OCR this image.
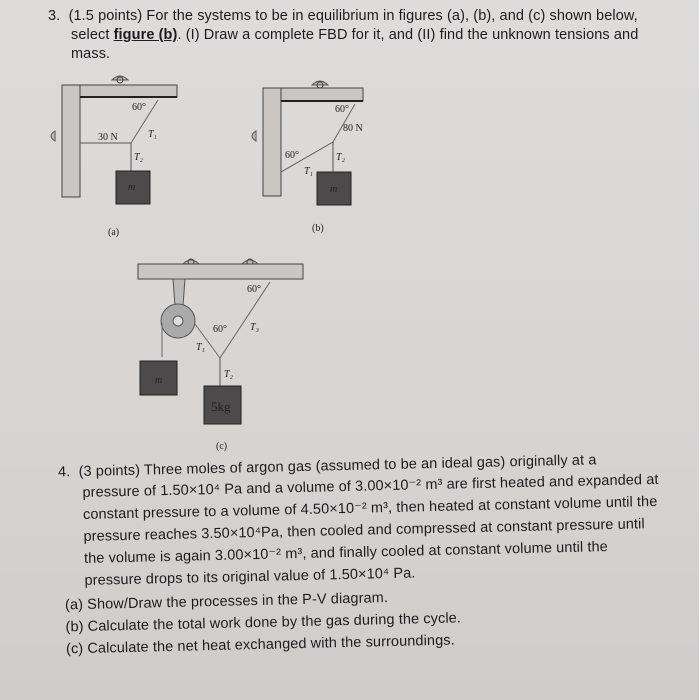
3. (1.5 points) For the systems to be in equilibrium in figures (a), (b), and (c) shown below,
select figure (b). (I) Draw a complete FBD for it, and (II) find the unknown tensions and
mass.
60°
30 N	T₁
T₂
m
(a)
60°
80 N
60°
T₁
T₂
m
(b)
60°
60° T₃
T₁
T₂
m
5kg
(c)
4. (3 points) Three moles of argon gas (assumed to be an ideal gas) originally at a
pressure of 1.50×10⁴ Pa and a volume of 3.00×10⁻² m³ are first heated and expanded at
constant pressure to a volume of 4.50×10⁻² m³, then heated at constant volume until the
pressure reaches 3.50×10⁴Pa, then cooled and compressed at constant pressure until
the volume is again 3.00×10⁻² m³, and finally cooled at constant volume until the
pressure drops to its original value of 1.50×10⁴ Pa.
(a) Show/Draw the processes in the P-V diagram.
(b) Calculate the total work done by the gas during the cycle.
(c) Calculate the net heat exchanged with the surroundings.
